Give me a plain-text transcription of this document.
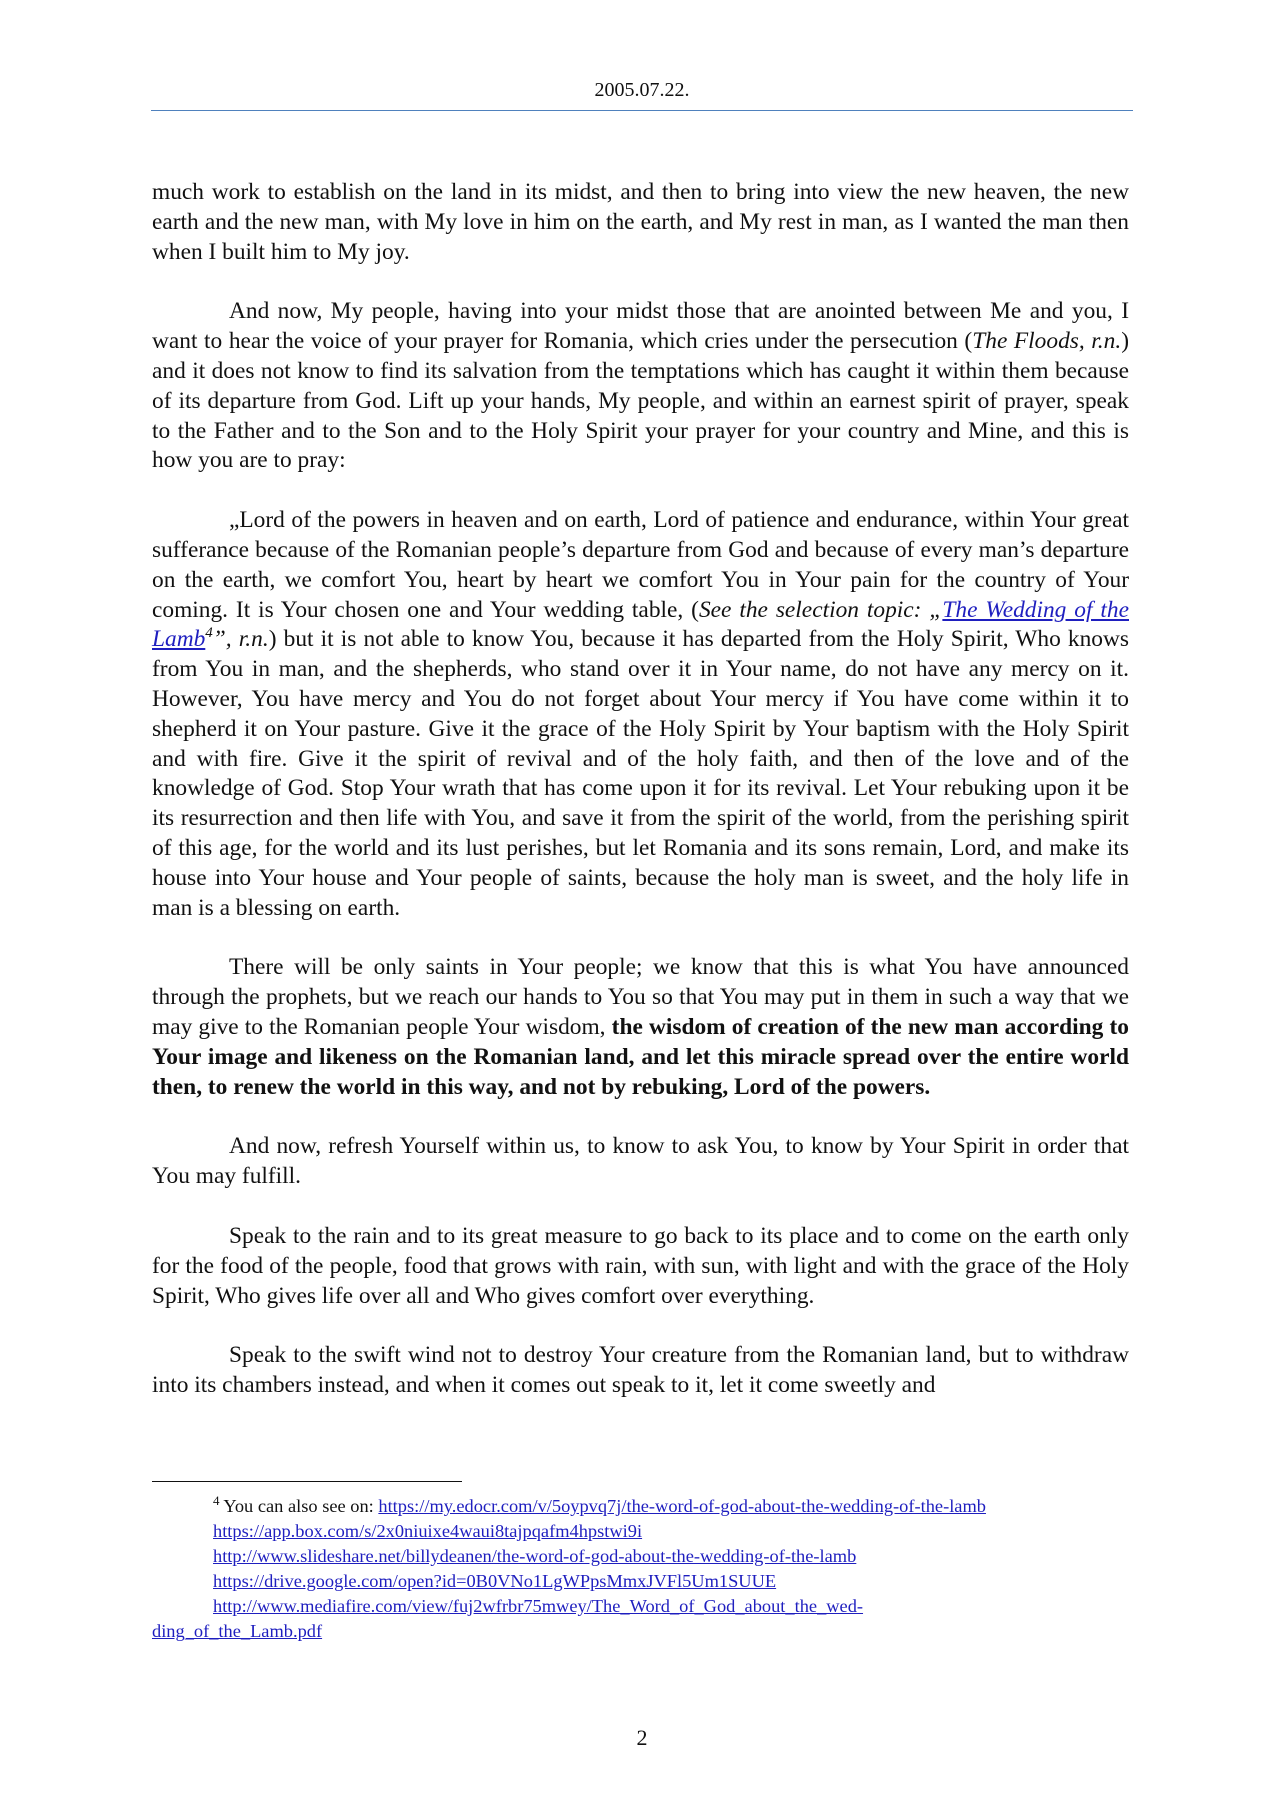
2005.07.22.

much work to establish on the land in its midst, and then to bring into view the new heaven, the new earth and the new man, with My love in him on the earth, and My rest in man, as I wanted the man then when I built him to My joy.

And now, My people, having into your midst those that are anointed between Me and you, I want to hear the voice of your prayer for Romania, which cries under the persecution (The Floods, r.n.) and it does not know to find its salvation from the temptations which has caught it within them because of its departure from God. Lift up your hands, My people, and within an earnest spirit of prayer, speak to the Father and to the Son and to the Holy Spirit your prayer for your country and Mine, and this is how you are to pray:

„Lord of the powers in heaven and on earth, Lord of patience and endurance, within Your great sufferance because of the Romanian people’s departure from God and because of every man’s departure on the earth, we comfort You, heart by heart we comfort You in Your pain for the country of Your coming. It is Your chosen one and Your wedding table, (See the selection topic: „The Wedding of the Lamb$^4$”, r.n.) but it is not able to know You, because it has departed from the Holy Spirit, Who knows from You in man, and the shepherds, who stand over it in Your name, do not have any mercy on it. However, You have mercy and You do not forget about Your mercy if You have come within it to shepherd it on Your pasture. Give it the grace of the Holy Spirit by Your baptism with the Holy Spirit and with fire. Give it the spirit of revival and of the holy faith, and then of the love and of the knowledge of God. Stop Your wrath that has come upon it for its revival. Let Your rebuking upon it be its resurrection and then life with You, and save it from the spirit of the world, from the perishing spirit of this age, for the world and its lust perishes, but let Romania and its sons remain, Lord, and make its house into Your house and Your people of saints, because the holy man is sweet, and the holy life in man is a blessing on earth.

There will be only saints in Your people; we know that this is what You have announced through the prophets, but we reach our hands to You so that You may put in them in such a way that we may give to the Romanian people Your wisdom, the wisdom of creation of the new man according to Your image and likeness on the Romanian land, and let this miracle spread over the entire world then, to renew the world in this way, and not by rebuking, Lord of the powers.

And now, refresh Yourself within us, to know to ask You, to know by Your Spirit in order that You may fulfill.

Speak to the rain and to its great measure to go back to its place and to come on the earth only for the food of the people, food that grows with rain, with sun, with light and with the grace of the Holy Spirit, Who gives life over all and Who gives comfort over everything.

Speak to the swift wind not to destroy Your creature from the Romanian land, but to withdraw into its chambers instead, and when it comes out speak to it, let it come sweetly and

$^4$ You can also see on: https://my.edocr.com/v/5oypvq7j/the-word-of-god-about-the-wedding-of-the-lamb
https://app.box.com/s/2x0niuixe4waui8tajpqafm4hpstwi9i
http://www.slideshare.net/billydeanen/the-word-of-god-about-the-wedding-of-the-lamb
https://drive.google.com/open?id=0B0VNo1LgWPpsMmxJVFl5Um1SUUE
http://www.mediafire.com/view/fuj2wfrbr75mwey/The_Word_of_God_about_the_wed-
ding_of_the_Lamb.pdf
2
